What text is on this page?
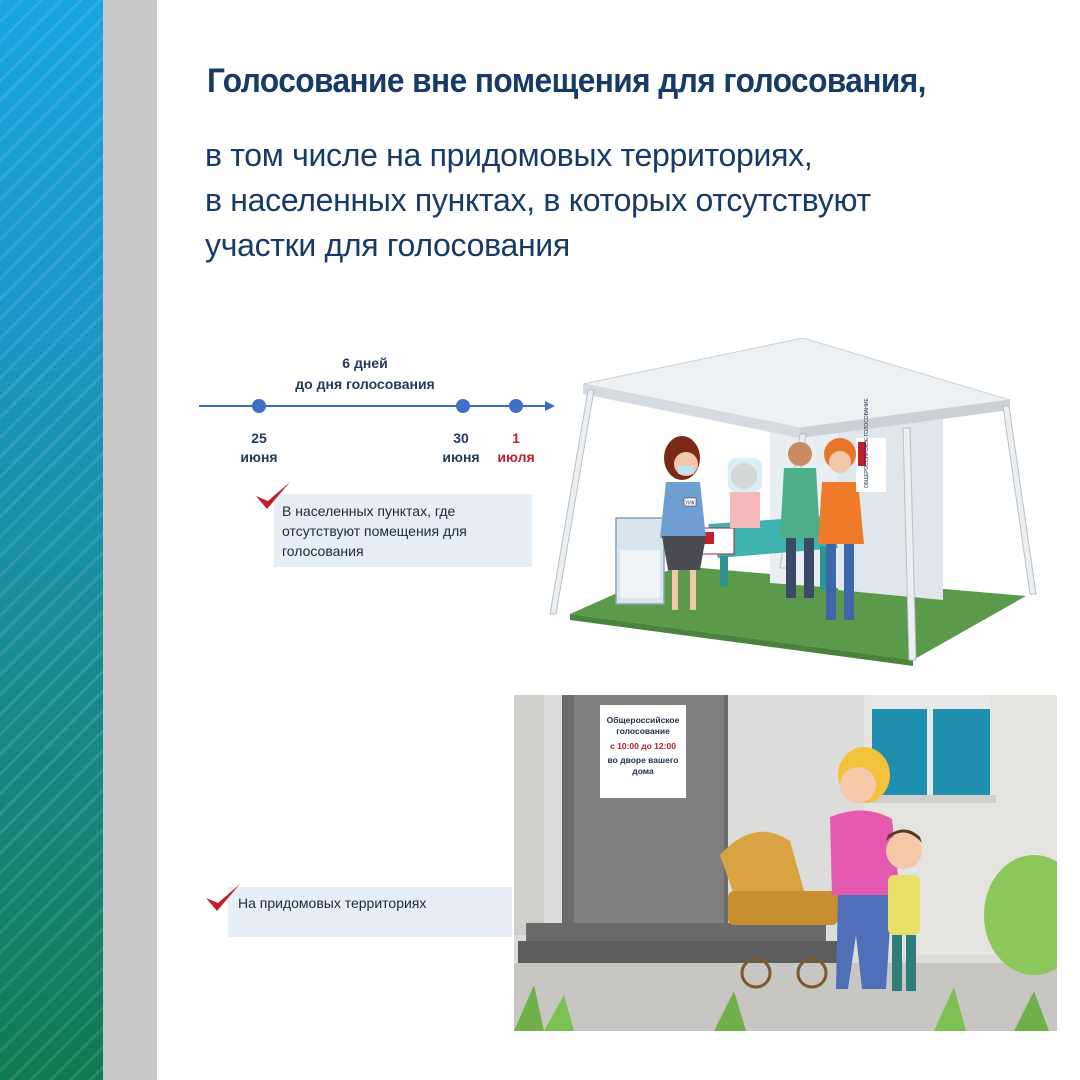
Голосование вне помещения для голосования,
в том числе на придомовых территориях,
в населенных пунктах, в которых отсутствуют
участки для голосования
6 дней
до дня голосования
25
июня
30
июня
1
июля
В населенных пунктах, где
отсутствуют помещения для
голосования
На придомовых территориях
ОБЩЕРОССИЙСКОЕ ГОЛОСОВАНИЕ
УИК
Общероссийское
голосование
с 10:00 до 12:00
во дворе вашего
дома
